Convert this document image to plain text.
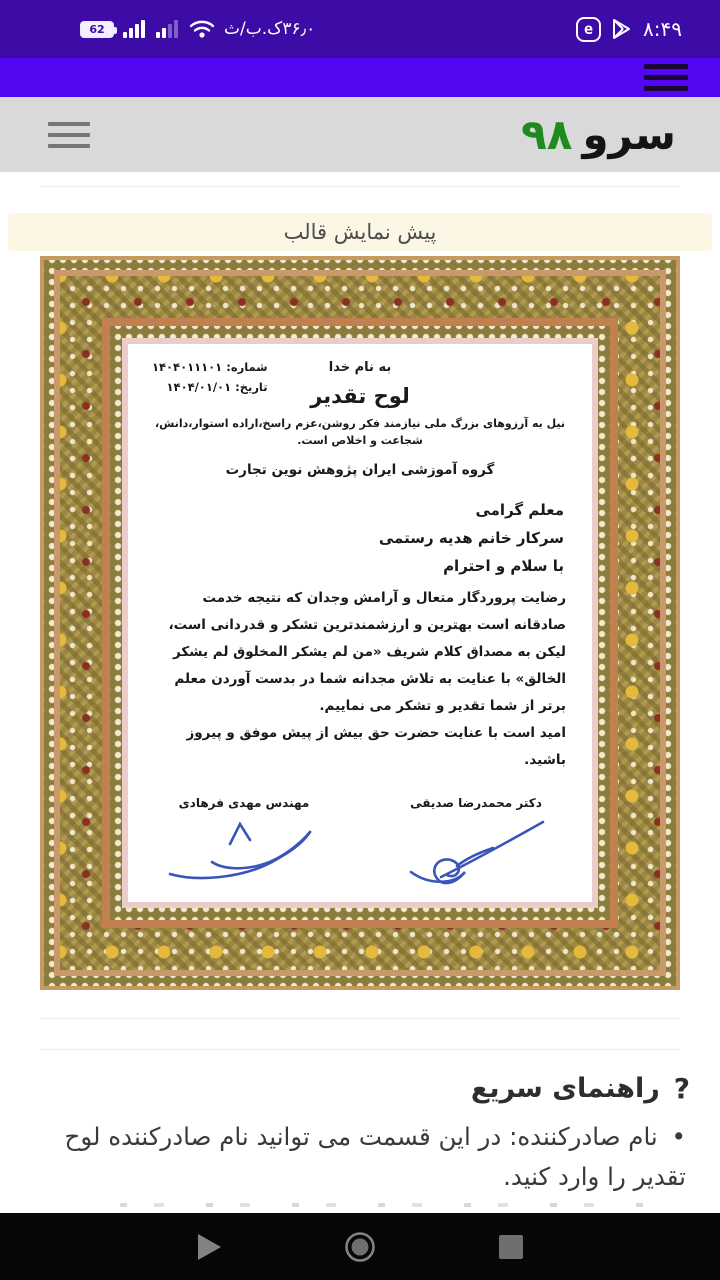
62	۳۶٫۰ک.ب/ث	e ۸:۴۹
سرو
۹۸
پیش نمایش قالب
به نام خدا
شماره: ۱۴۰۴۰۱۱۱۰۱
تاریخ: ۱۴۰۴/۰۱/۰۱	لوح تقدیر
نیل به آرزوهای بزرگ ملی نیازمند فکر روشن،عزم راسخ،اراده استوار،دانش، شجاعت و اخلاص است.
گروه آموزشی ایران پژوهش نوین تجارت
معلم گرامی
سرکار خانم هدیه رستمی
با سلام و احترام

رضایت پروردگار متعال و آرامش وجدان که نتیجه خدمت صادقانه است بهترین و ارزشمندترین تشکر و قدردانی است، لیکن به مصداق کلام شریف «من لم یشکر المخلوق لم یشکر الخالق» با عنایت به تلاش مجدانه شما در بدست آوردن معلم برتر از شما تقدیر و تشکر می نماییم.

امید است با عنایت حضرت حق بیش از پیش موفق و پیروز باشید.

دکتر محمدرضا صدیقی
مهندس مهدی فرهادی
?
راهنمای سریع

• نام صادرکننده: در این قسمت می توانید نام صادرکننده لوح تقدیر را وارد کنید.
